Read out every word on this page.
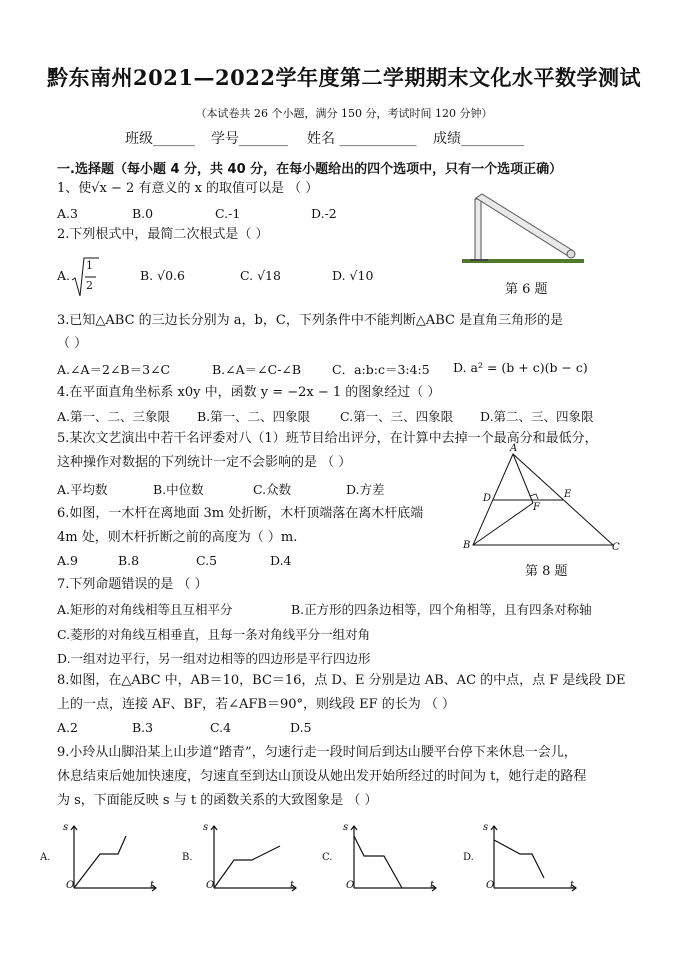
黔东南州2021—2022学年度第二学期期末文化水平数学测试
（本试卷共 26 个小题，满分 150 分，考试时间 120 分钟）
班级______ 学号_______ 姓名 ___________ 成绩_________
一.选择题（每小题 4 分，共 40 分，在每小题给出的四个选项中，只有一个选项正确）
1、使√x − 2 有意义的 x 的取值可以是 （ ）
A.3	B.0	C.-1	D.-2
2.下列根式中，最简二次根式是（ ）
A.
1
2
B. √0.6	C. √18	D. √10
第 6 题
3.已知△ABC 的三边长分别为 a，b，C，下列条件中不能判断△ABC 是直角三角形的是
（ ）
A.∠A＝2∠B＝3∠C	B.∠A＝∠C-∠B C．a:b:c＝3:4:5 D. a² = (b + c)(b − c)
4.在平面直角坐标系 x0y 中，函数 y = −2x − 1 的图象经过（ ）
A.第一、二、三象限 B.第一、二、四象限 C.第一、三、四象限 D.第二、三、四象限
5.某次文艺演出中若干名评委对八（1）班节目给出评分，在计算中去掉一个最高分和最低分，
这种操作对数据的下列统计一定不会影响的是 （ ）
A.平均数	B.中位数	C.众数	D.方差
A
D	E
F
B	C
第 8 题
6.如图，一木杆在离地面 3m 处折断，木杆顶端落在离木杆底端
4m 处，则木杆折断之前的高度为（ ）m.
A.9	B.8	C.5	D.4
7.下列命题错误的是 （ ）
A.矩形的对角线相等且互相平分	B.正方形的四条边相等，四个角相等，且有四条对称轴
C.菱形的对角线互相垂直，且每一条对角线平分一组对角
D.一组对边平行，另一组对边相等的四边形是平行四边形
8.如图，在△ABC 中，AB＝10，BC＝16，点 D、E 分别是边 AB、AC 的中点，点 F 是线段 DE
上的一点，连接 AF、BF，若∠AFB＝90°，则线段 EF 的长为 （ ）
A.2	B.3	C.4	D.5
9.小玲从山脚沿某上山步道“踏青”，匀速行走一段时间后到达山腰平台停下来休息一会儿，
休息结束后她加快速度，匀速直至到达山顶设从她出发开始所经过的时间为 t，她行走的路程
为 s，下面能反映 s 与 t 的函数关系的大致图象是 （ ）
A.	B.	C.	D.
s
O	t
s
O	t
s
O	t
s
O	t
